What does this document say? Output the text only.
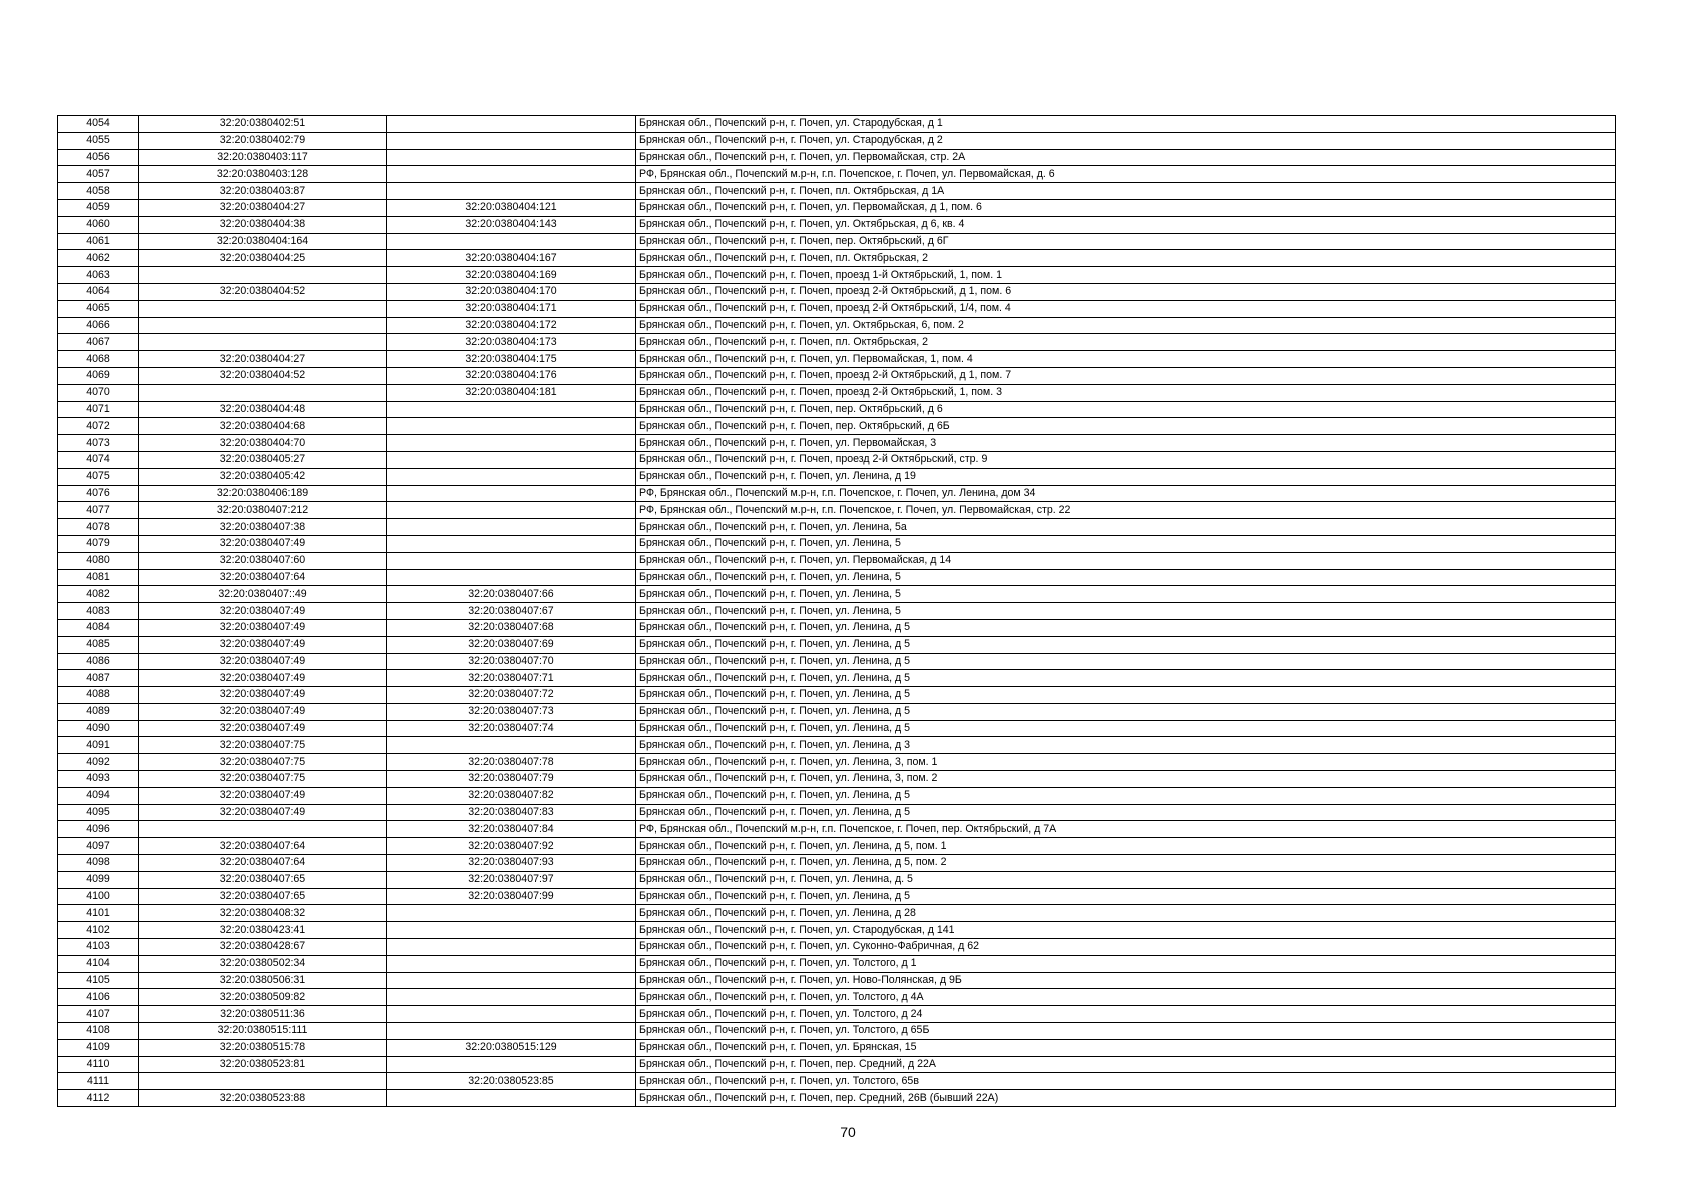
4054	32:20:0380402:51		Брянская обл., Почепский р-н, г. Почеп, ул. Стародубская, д 1
4055	32:20:0380402:79		Брянская обл., Почепский р-н, г. Почеп, ул. Стародубская, д 2
4056	32:20:0380403:117		Брянская обл., Почепский р-н, г. Почеп, ул. Первомайская, стр. 2А
4057	32:20:0380403:128		РФ, Брянская обл., Почепский м.р-н, г.п. Почепское, г. Почеп, ул. Первомайская, д. 6
4058	32:20:0380403:87		Брянская обл., Почепский р-н, г. Почеп, пл. Октябрьская, д 1А
4059	32:20:0380404:27	32:20:0380404:121	Брянская обл., Почепский р-н, г. Почеп, ул. Первомайская, д 1, пом. 6
4060	32:20:0380404:38	32:20:0380404:143	Брянская обл., Почепский р-н, г. Почеп, ул. Октябрьская, д 6, кв. 4
4061	32:20:0380404:164		Брянская обл., Почепский р-н, г. Почеп, пер. Октябрьский, д 6Г
4062	32:20:0380404:25	32:20:0380404:167	Брянская обл., Почепский р-н, г. Почеп, пл. Октябрьская, 2
4063		32:20:0380404:169	Брянская обл., Почепский р-н, г. Почеп, проезд 1-й Октябрьский, 1, пом. 1
4064	32:20:0380404:52	32:20:0380404:170	Брянская обл., Почепский р-н, г. Почеп, проезд 2-й Октябрьский, д 1, пом. 6
4065		32:20:0380404:171	Брянская обл., Почепский р-н, г. Почеп, проезд 2-й Октябрьский, 1/4, пом. 4
4066		32:20:0380404:172	Брянская обл., Почепский р-н, г. Почеп, ул. Октябрьская, 6, пом. 2
4067		32:20:0380404:173	Брянская обл., Почепский р-н, г. Почеп, пл. Октябрьская, 2
4068	32:20:0380404:27	32:20:0380404:175	Брянская обл., Почепский р-н, г. Почеп, ул. Первомайская, 1, пом. 4
4069	32:20:0380404:52	32:20:0380404:176	Брянская обл., Почепский р-н, г. Почеп, проезд 2-й Октябрьский, д 1, пом. 7
4070		32:20:0380404:181	Брянская обл., Почепский р-н, г. Почеп, проезд 2-й Октябрьский, 1, пом. 3
4071	32:20:0380404:48		Брянская обл., Почепский р-н, г. Почеп, пер. Октябрьский, д 6
4072	32:20:0380404:68		Брянская обл., Почепский р-н, г. Почеп, пер. Октябрьский, д 6Б
4073	32:20:0380404:70		Брянская обл., Почепский р-н, г. Почеп, ул. Первомайская, 3
4074	32:20:0380405:27		Брянская обл., Почепский р-н, г. Почеп, проезд 2-й Октябрьский, стр. 9
4075	32:20:0380405:42		Брянская обл., Почепский р-н, г. Почеп, ул. Ленина, д 19
4076	32:20:0380406:189		РФ, Брянская обл., Почепский м.р-н, г.п. Почепское, г. Почеп, ул. Ленина, дом 34
4077	32:20:0380407:212		РФ, Брянская обл., Почепский м.р-н, г.п. Почепское, г. Почеп, ул. Первомайская, стр. 22
4078	32:20:0380407:38		Брянская обл., Почепский р-н, г. Почеп, ул. Ленина, 5а
4079	32:20:0380407:49		Брянская обл., Почепский р-н, г. Почеп, ул. Ленина, 5
4080	32:20:0380407:60		Брянская обл., Почепский р-н, г. Почеп, ул. Первомайская, д 14
4081	32:20:0380407:64		Брянская обл., Почепский р-н, г. Почеп, ул. Ленина, 5
4082	32:20:0380407::49	32:20:0380407:66	Брянская обл., Почепский р-н, г. Почеп, ул. Ленина, 5
4083	32:20:0380407:49	32:20:0380407:67	Брянская обл., Почепский р-н, г. Почеп, ул. Ленина, 5
4084	32:20:0380407:49	32:20:0380407:68	Брянская обл., Почепский р-н, г. Почеп, ул. Ленина, д 5
4085	32:20:0380407:49	32:20:0380407:69	Брянская обл., Почепский р-н, г. Почеп, ул. Ленина, д 5
4086	32:20:0380407:49	32:20:0380407:70	Брянская обл., Почепский р-н, г. Почеп, ул. Ленина, д 5
4087	32:20:0380407:49	32:20:0380407:71	Брянская обл., Почепский р-н, г. Почеп, ул. Ленина, д 5
4088	32:20:0380407:49	32:20:0380407:72	Брянская обл., Почепский р-н, г. Почеп, ул. Ленина, д 5
4089	32:20:0380407:49	32:20:0380407:73	Брянская обл., Почепский р-н, г. Почеп, ул. Ленина, д 5
4090	32:20:0380407:49	32:20:0380407:74	Брянская обл., Почепский р-н, г. Почеп, ул. Ленина, д 5
4091	32:20:0380407:75		Брянская обл., Почепский р-н, г. Почеп, ул. Ленина, д 3
4092	32:20:0380407:75	32:20:0380407:78	Брянская обл., Почепский р-н, г. Почеп, ул. Ленина, 3, пом. 1
4093	32:20:0380407:75	32:20:0380407:79	Брянская обл., Почепский р-н, г. Почеп, ул. Ленина, 3, пом. 2
4094	32:20:0380407:49	32:20:0380407:82	Брянская обл., Почепский р-н, г. Почеп, ул. Ленина, д 5
4095	32:20:0380407:49	32:20:0380407:83	Брянская обл., Почепский р-н, г. Почеп, ул. Ленина, д 5
4096		32:20:0380407:84	РФ, Брянская обл., Почепский м.р-н, г.п. Почепское, г. Почеп, пер. Октябрьский, д 7А
4097	32:20:0380407:64	32:20:0380407:92	Брянская обл., Почепский р-н, г. Почеп, ул. Ленина, д 5, пом. 1
4098	32:20:0380407:64	32:20:0380407:93	Брянская обл., Почепский р-н, г. Почеп, ул. Ленина, д 5, пом. 2
4099	32:20:0380407:65	32:20:0380407:97	Брянская обл., Почепский р-н, г. Почеп, ул. Ленина, д. 5
4100	32:20:0380407:65	32:20:0380407:99	Брянская обл., Почепский р-н, г. Почеп, ул. Ленина, д 5
4101	32:20:0380408:32		Брянская обл., Почепский р-н, г. Почеп, ул. Ленина, д 28
4102	32:20:0380423:41		Брянская обл., Почепский р-н, г. Почеп, ул. Стародубская, д 141
4103	32:20:0380428:67		Брянская обл., Почепский р-н, г. Почеп, ул. Суконно-Фабричная, д 62
4104	32:20:0380502:34		Брянская обл., Почепский р-н, г. Почеп, ул. Толстого, д 1
4105	32:20:0380506:31		Брянская обл., Почепский р-н, г. Почеп, ул. Ново-Полянская, д 9Б
4106	32:20:0380509:82		Брянская обл., Почепский р-н, г. Почеп, ул. Толстого, д 4А
4107	32:20:0380511:36		Брянская обл., Почепский р-н, г. Почеп, ул. Толстого, д 24
4108	32:20:0380515:111		Брянская обл., Почепский р-н, г. Почеп, ул. Толстого, д 65Б
4109	32:20:0380515:78	32:20:0380515:129	Брянская обл., Почепский р-н, г. Почеп, ул. Брянская, 15
4110	32:20:0380523:81		Брянская обл., Почепский р-н, г. Почеп, пер. Средний, д 22А
4111		32:20:0380523:85	Брянская обл., Почепский р-н, г. Почеп, ул. Толстого, 65в
4112	32:20:0380523:88		Брянская обл., Почепский р-н, г. Почеп, пер. Средний, 26В (бывший 22А)
70
